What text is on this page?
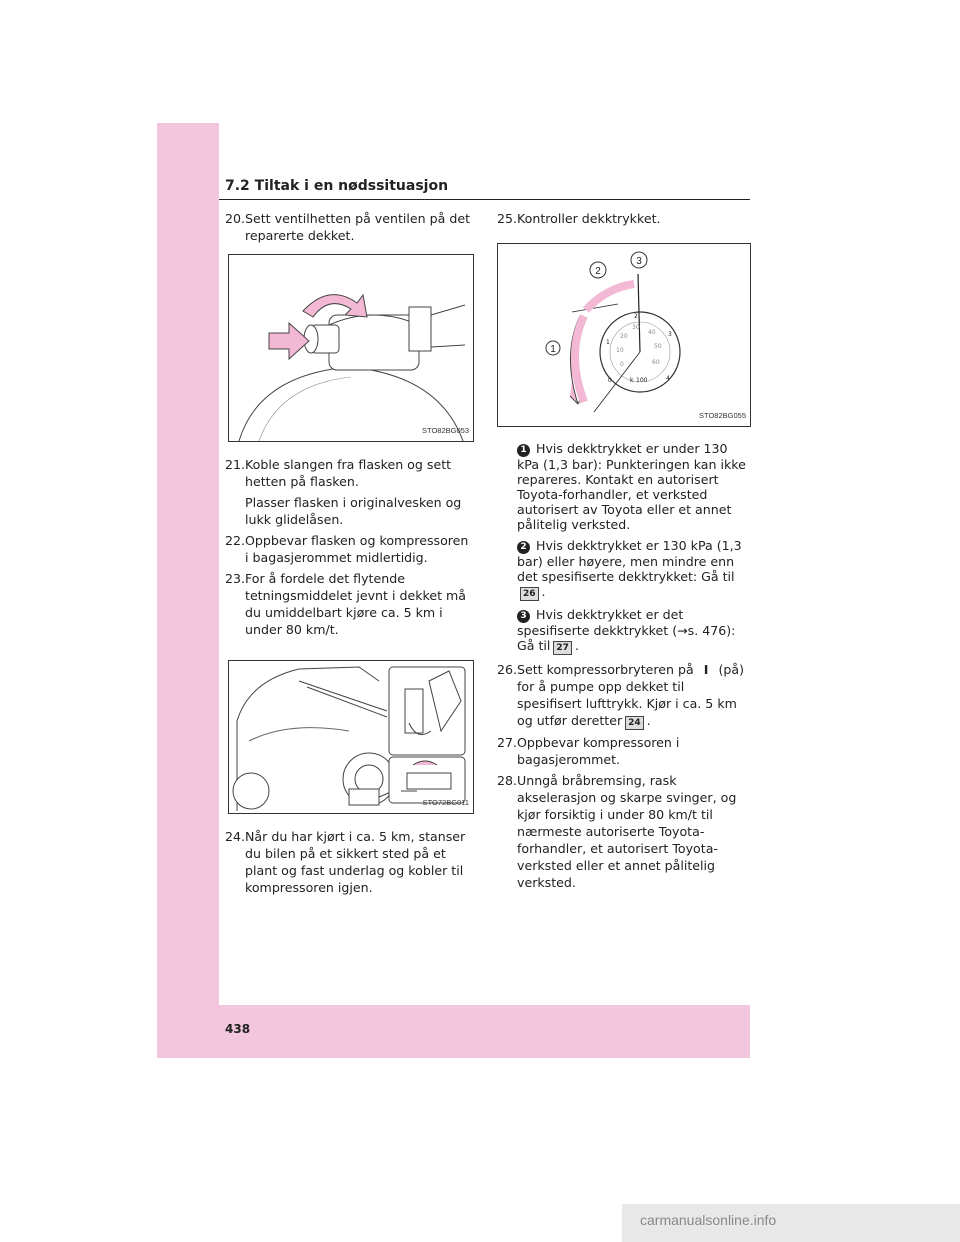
7.2 Tiltak i en nødssituasjon
20. Sett ventilhetten på ventilen på det reparerte dekket.
STO82BG053
21. Koble slangen fra flasken og sett hetten på flasken.
Plasser flasken i originalvesken og lukk glidelåsen.
22. Oppbevar flasken og kompressoren i bagasjerommet midlertidig.
23. For å fordele det flytende tetningsmiddelet jevnt i dekket må du umiddelbart kjøre ca. 5 km i under 80 km/t.
STO72BG011
24. Når du har kjørt i ca. 5 km, stanser du bilen på et sikkert sted på et plant og fast underlag og kobler til kompressoren igjen.
25. Kontroller dekktrykket.
1
2
3
0
10
20
30
40
50
60
0
1
2
3
4
k 100
STO82BG055
1 Hvis dekktrykket er under 130 kPa (1,3 bar): Punkteringen kan ikke repareres. Kontakt en autorisert Toyota-forhandler, et verksted autorisert av Toyota eller et annet pålitelig verksted.
2 Hvis dekktrykket er 130 kPa (1,3 bar) eller høyere, men mindre enn det spesifiserte dekktrykket: Gå til26 .
3 Hvis dekktrykket er det spesifiserte dekktrykket (→s. 476): Gå til 27 .
26. Sett kompressorbryteren på I (på) for å pumpe opp dekket til spesifisert lufttrykk. Kjør i ca. 5 km og utfør deretter 24 .
27. Oppbevar kompressoren i bagasjerommet.
28. Unngå bråbremsing, rask akselerasjon og skarpe svinger, og kjør forsiktig i under 80 km/t til nærmeste autoriserte Toyota-forhandler, et autorisert Toyota-verksted eller et annet pålitelig verksted.
438
carmanualsonline.info
